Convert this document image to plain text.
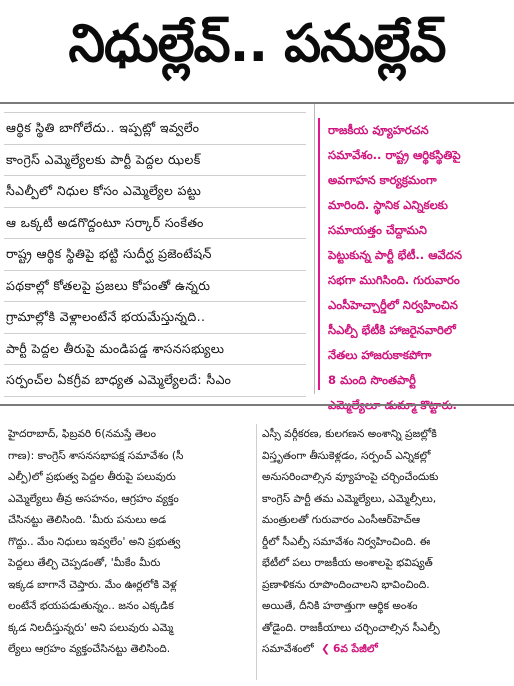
నిధుల్లేవ్.. పనుల్లేవ్
ఆర్థిక స్థితి బాగోలేదు.. ఇప్పట్లో ఇవ్వలేం
కాంగ్రెస్ ఎమ్మెల్యేలకు పార్టీ పెద్దల ఝలక్
సీఎల్పీలో నిధుల కోసం ఎమ్మెల్యేల పట్టు
ఆ ఒక్కటీ అడగొద్దంటూ సర్కార్ సంకేతం
రాష్ట్ర ఆర్థిక స్థితిపై భట్టి సుదీర్ఘ ప్రజెంటేషన్
పథకాల్లో కోతలపై ప్రజలు కోపంతో ఉన్నరు
గ్రామాల్లోకి వెళ్లాలంటేనే భయమేస్తున్నది..
పార్టీ పెద్దల తీరుపై మండిపడ్డ శాసనసభ్యులు
సర్పంచ్‌ల ఏకగ్రీవ బాధ్యత ఎమ్మెల్యేలదే: సీఎం
రాజకీయ వ్యూహరచన
సమావేశం.. రాష్ట్ర ఆర్థికస్థితిపై
అవగాహన కార్యక్రమంగా
మారింది. స్థానిక ఎన్నికలకు
సమాయత్తం చేద్దామని
పెట్టుకున్న పార్టీ భేటీ.. ఆవేదన
సభగా ముగిసింది. గురువారం
ఎంసీహెచ్చార్డీలో నిర్వహించిన
సీఎల్పీ భేటీకి హాజరైనవారిలో
నేతలు హాజరుకాకపోగా
8 మంది సొంతపార్టీ
హైదరాబాద్, ఫిబ్రవరి 6(నమస్తే తెలం
గాణ): కాంగ్రెస్ శాసనసభాపక్ష సమావేశం (సీ
ఎల్పీ)లో ప్రభుత్వ పెద్దల తీరుపై పలువురు
ఎమ్మెల్యేలు తీవ్ర అసహనం, ఆగ్రహం వ్యక్తం
చేసినట్టు తెలిసింది. 'మీరు పనులు అడ
గొద్దు.. మేం నిధులు ఇవ్వలేం' అని ప్రభుత్వ
పెద్దలు తేల్చి చెప్పడంతో, 'మీకేం మీరు
ఇక్కడ బాగానే చెప్తారు. మేం ఊర్లలోకి వెళ్ల
లంటేనే భయపడుతున్నం.. జనం ఎక్కడిక
క్కడ నిలదీస్తున్నరు' అని పలువురు ఎమ్మె
ల్యేలు ఆగ్రహం వ్యక్తంచేసినట్టు తెలిసింది.
ఎస్సీ వర్గీకరణ, కులగణన అంశాన్ని ప్రజల్లోకి
విస్తృతంగా తీసుకెళ్లడం, సర్పంచ్ ఎన్నికల్లో
అనుసరించాల్సిన వ్యూహంపై చర్చించేందుకు
కాంగ్రెస్ పార్టీ తమ ఎమ్మెల్యేలు, ఎమ్మెల్సీలు,
మంత్రులతో గురువారం ఎంసీఆర్‌హెచ్‌ఆ
ర్డీలో సీఎల్పీ సమావేశం నిర్వహించింది. ఈ
భేటీలో పలు రాజకీయ అంశాలపై భవిష్యత్
ప్రణాళికను రూపొందించాలని భావించింది.
అయితే, దీనికి హఠాత్తుగా ఆర్థిక అంశం
తోడైంది. రాజకీయాలు చర్చించాల్సిన సీఎల్పీ
సమావేశంలో ❮ 6వ పేజీలో
